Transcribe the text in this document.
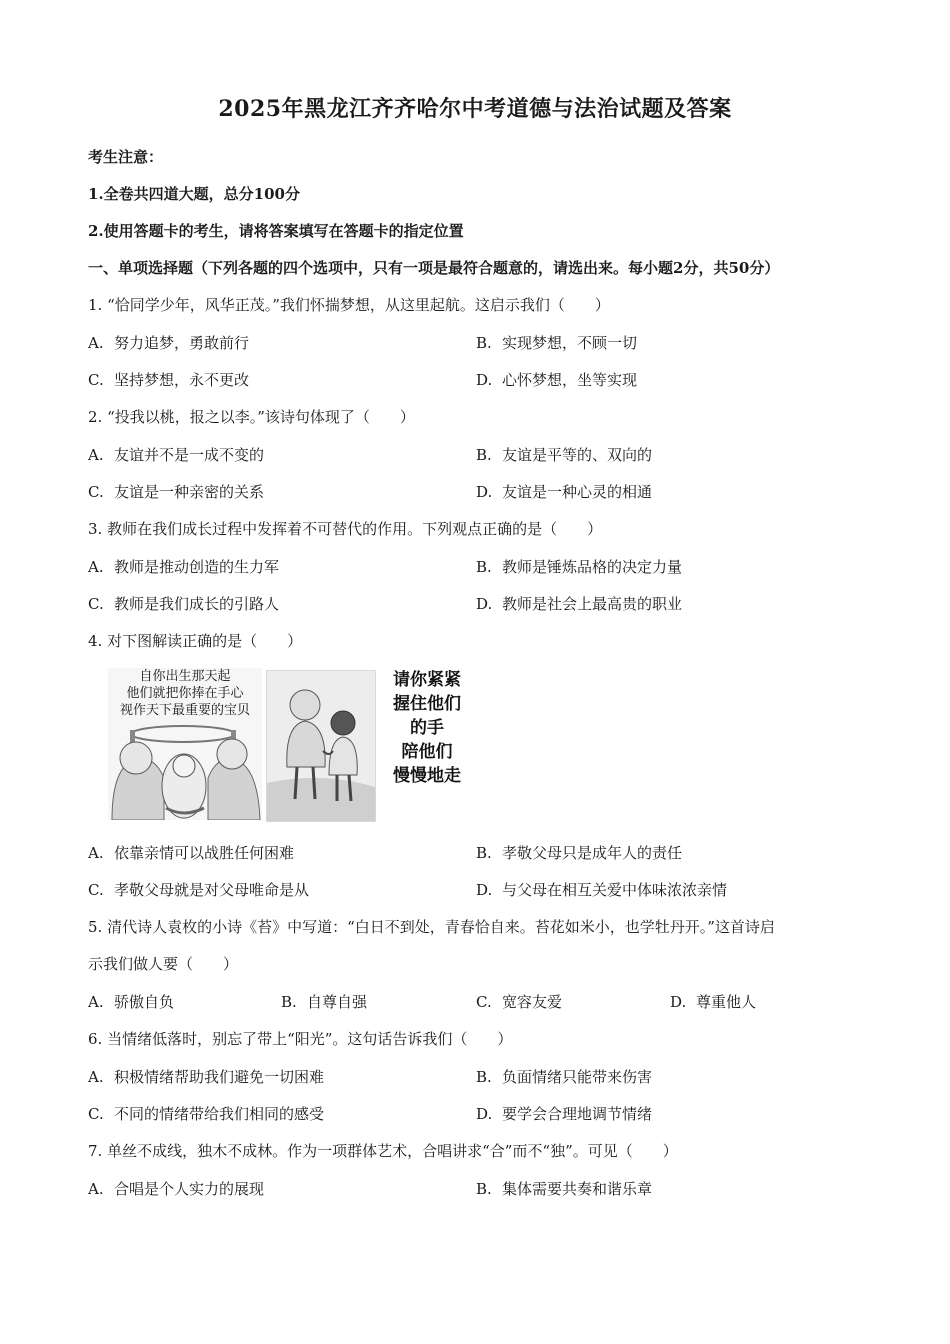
2025年黑龙江齐齐哈尔中考道德与法治试题及答案
考生注意：
1.全卷共四道大题，总分100分
2.使用答题卡的考生，请将答案填写在答题卡的指定位置
一、单项选择题（下列各题的四个选项中，只有一项是最符合题意的，请选出来。每小题2分，共50分）
1. “恰同学少年，风华正茂。”我们怀揣梦想，从这里起航。这启示我们（　　）
A. 努力追梦，勇敢前行	B. 实现梦想，不顾一切
C. 坚持梦想，永不更改	D. 心怀梦想，坐等实现
2. “投我以桃，报之以李。”该诗句体现了（　　）
A. 友谊并不是一成不变的	B. 友谊是平等的、双向的
C. 友谊是一种亲密的关系	D. 友谊是一种心灵的相通
3. 教师在我们成长过程中发挥着不可替代的作用。下列观点正确的是（　　）
A. 教师是推动创造的生力军	B. 教师是锤炼品格的决定力量
C. 教师是我们成长的引路人	D. 教师是社会上最高贵的职业
4. 对下图解读正确的是（　　）
自你出生那天起
他们就把你捧在手心
视作天下最重要的宝贝
请你紧紧
握住他们
的手
陪他们
慢慢地走
A. 依靠亲情可以战胜任何困难	B. 孝敬父母只是成年人的责任
C. 孝敬父母就是对父母唯命是从	D. 与父母在相互关爱中体味浓浓亲情
5. 清代诗人袁枚的小诗《苔》中写道：“白日不到处，青春恰自来。苔花如米小，也学牡丹开。”这首诗启
示我们做人要（　　）
A. 骄傲自负	B. 自尊自强	C. 宽容友爱	D. 尊重他人
6. 当情绪低落时，别忘了带上“阳光”。这句话告诉我们（　　）
A. 积极情绪帮助我们避免一切困难	B. 负面情绪只能带来伤害
C. 不同的情绪带给我们相同的感受	D. 要学会合理地调节情绪
7. 单丝不成线，独木不成林。作为一项群体艺术，合唱讲求“合”而不“独”。可见（　　）
A. 合唱是个人实力的展现	B. 集体需要共奏和谐乐章
